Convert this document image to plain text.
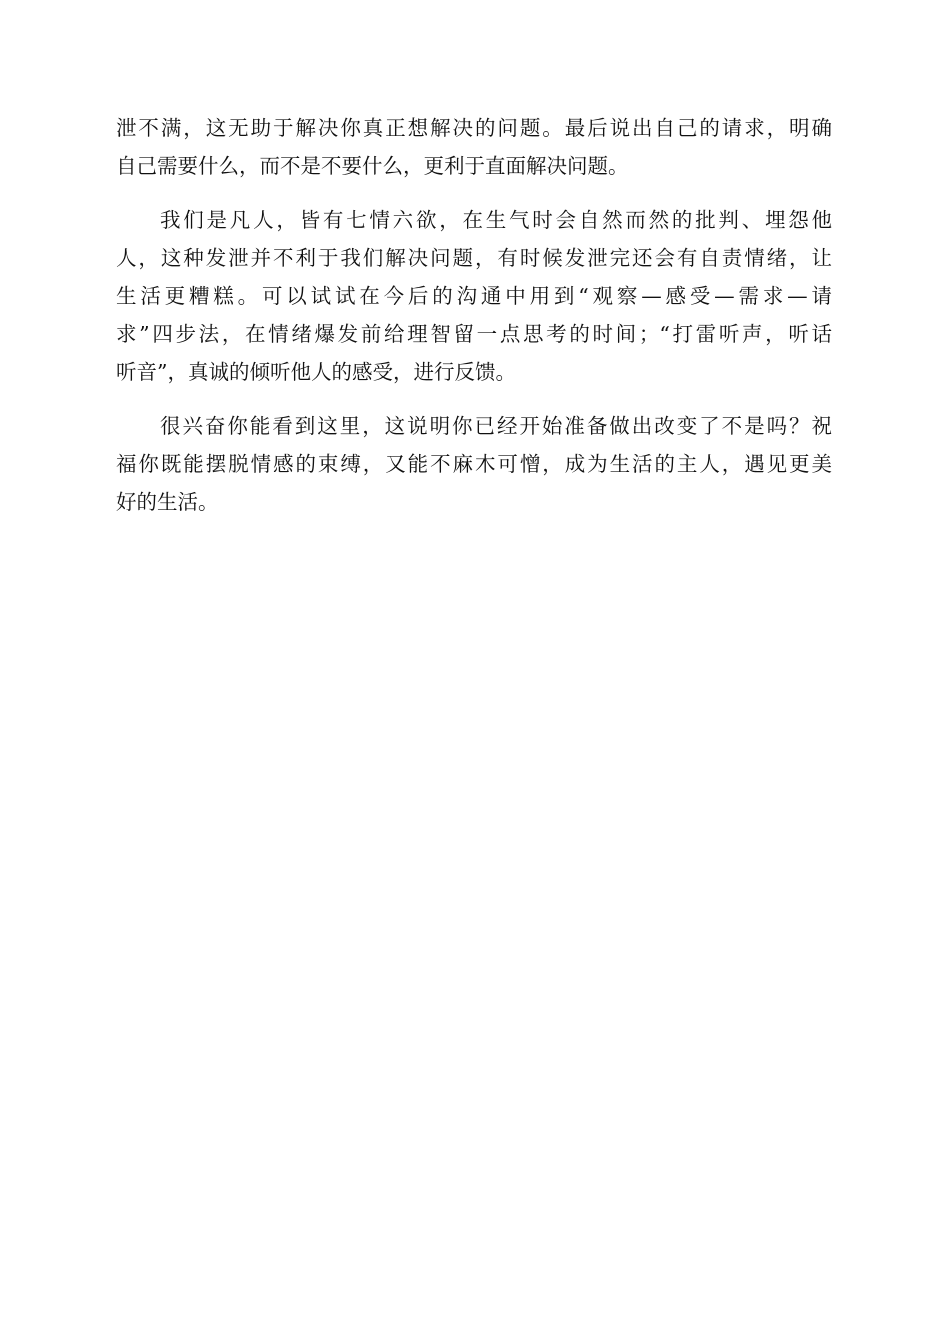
泄不满，这无助于解决你真正想解决的问题。最后说出自己的请求，明确
自己需要什么，而不是不要什么，更利于直面解决问题。
我们是凡人，皆有七情六欲，在生气时会自然而然的批判、埋怨他
人，这种发泄并不利于我们解决问题，有时候发泄完还会有自责情绪，让
生活更糟糕。可以试试在今后的沟通中用到“观察—感受—需求—请
求”四步法，在情绪爆发前给理智留一点思考的时间；“打雷听声，听话
听音”，真诚的倾听他人的感受，进行反馈。
很兴奋你能看到这里，这说明你已经开始准备做出改变了不是吗？祝
福你既能摆脱情感的束缚，又能不麻木可憎，成为生活的主人，遇见更美
好的生活。
